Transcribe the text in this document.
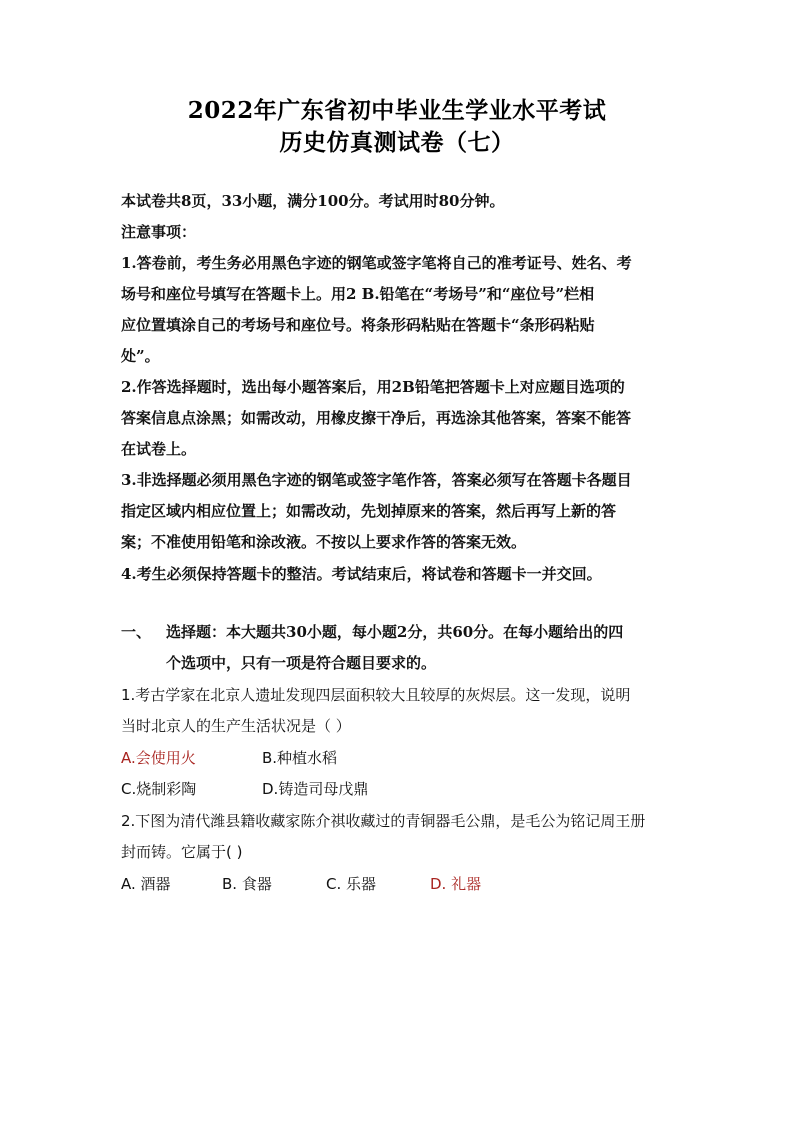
2022年广东省初中毕业生学业水平考试
历史仿真测试卷（七）
本试卷共8页，33小题，满分100分。考试用时80分钟。
注意事项：
1.答卷前，考生务必用黑色字迹的钢笔或签字笔将自己的准考证号、姓名、考
场号和座位号填写在答题卡上。用2 B.铅笔在“考场号”和“座位号”栏相
应位置填涂自己的考场号和座位号。将条形码粘贴在答题卡“条形码粘贴
处”。
2.作答选择题时，选出每小题答案后，用2B铅笔把答题卡上对应题目选项的
答案信息点涂黑；如需改动，用橡皮擦干净后，再选涂其他答案，答案不能答
在试卷上。
3.非选择题必须用黑色字迹的钢笔或签字笔作答，答案必须写在答题卡各题目
指定区域内相应位置上；如需改动，先划掉原来的答案，然后再写上新的答
案；不准使用铅笔和涂改液。不按以上要求作答的答案无效。
4.考生必须保持答题卡的整洁。考试结束后，将试卷和答题卡一并交回。
一、 选择题：本大题共30小题，每小题2分，共60分。在每小题给出的四
个选项中，只有一项是符合题目要求的。
1.考古学家在北京人遗址发现四层面积较大且较厚的灰烬层。这一发现，说明
当时北京人的生产生活状况是（ ）
A.会使用火	B.种植水稻
C.烧制彩陶	D.铸造司母戊鼎
2.下图为清代潍县籍收藏家陈介祺收藏过的青铜器毛公鼎，是毛公为铭记周王册
封而铸。它属于( )
A. 酒器	B. 食器	C. 乐器	D. 礼器
